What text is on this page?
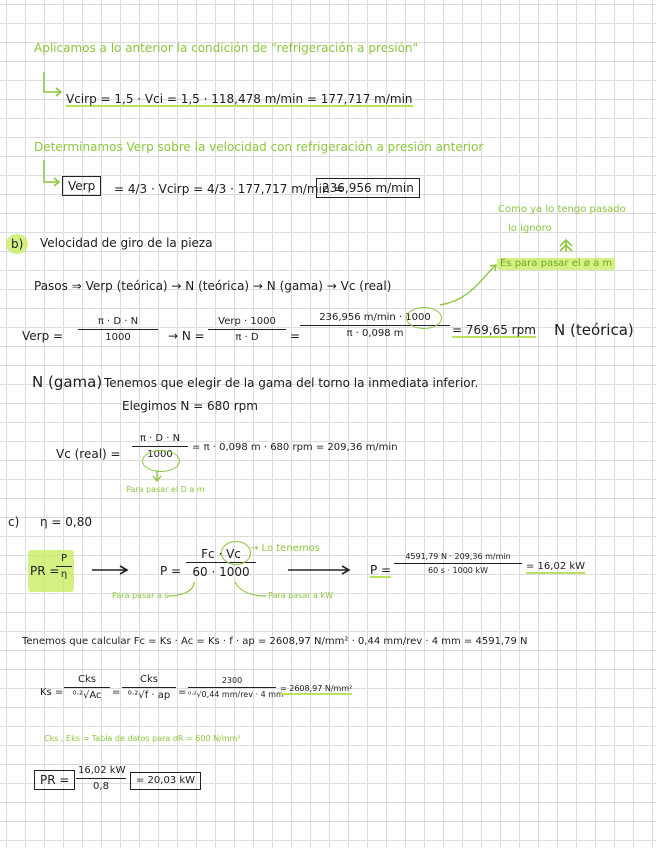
Aplicamos a lo anterior la condición de "refrigeración a presión"
Vcirp = 1,5 · Vci = 1,5 · 118,478 m/min = 177,717 m/min
Determinamos Verp sobre la velocidad con refrigeración a presión anterior
Verp	= 4/3 · Vcirp = 4/3 · 177,717 m/min =
236,956 m/min
Como ya lo tengo pasado
lo ignoro
b)	Velocidad de giro de la pieza
Es para pasar el ø a m
Pasos ⇒ Verp (teórica) → N (teórica) → N (gama) → Vc (real)
Verp = $\frac{\pi \cdot D \cdot N}{1000} \to N$ =
Verp · 1000
π · D	=
236,956 m/min · 1000
π · 0,098 m	= 769,65 rpm N (teórica)
N (gama) Tenemos que elegir de la gama del torno la inmediata inferior.
Elegimos N = 680 rpm
Vc (real) = $\frac{\pi \cdot D \cdot N}{1000} = \pi \cdot 0,098$ m · 680 rpm = 209,36 m/min
Para pasar el D a m
c) η = 0,80
PR =
$\frac{P}{\eta}$	$P = \frac{Fc \cdot Vc}{60 \cdot 1000}$
→ Lo tenemos
Para pasar a s	Para pasar a kW
P =
4591,79 N · 209,36 m/min
60 s · 1000 kW	= 16,02 kW
Tenemos que calcular Fc = Ks · Ac = Ks · f · ap = 2608,97 N/mm² · 0,44 mm/rev · 4 mm = 4591,79 N
Ks =
Cks
⁰ᐧ²√Ac	=
Cks
⁰ᐧ²√f · ap =
2300
⁰ᐧ²√0,44 mm/rev · 4 mm
= 2608,97 N/mm²
Cks , Eks ⇒ Tabla de datos para σR = 600 N/mm²
PR = $\frac{16,02 kW}{0,8}$	= 20,03 kW
